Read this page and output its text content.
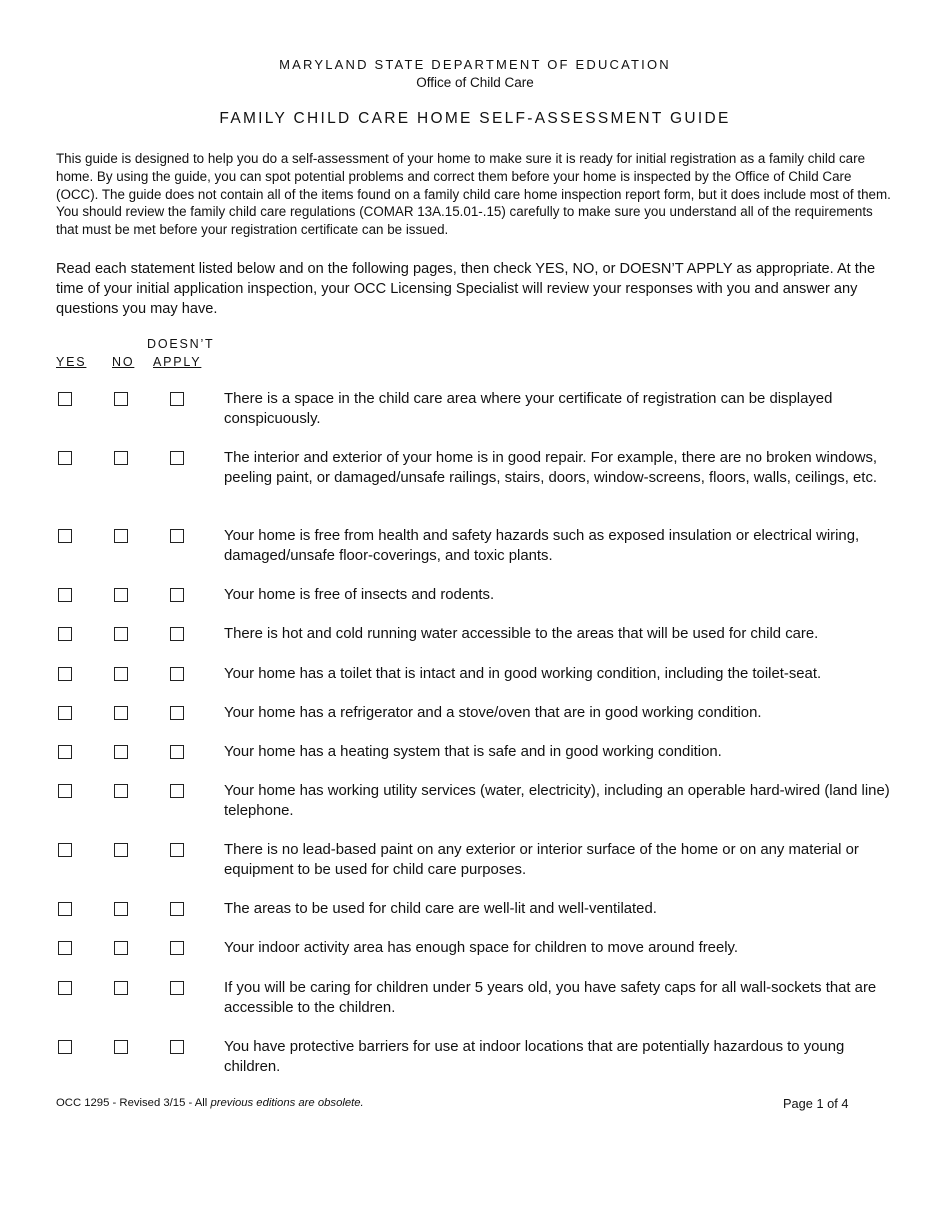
MARYLAND STATE DEPARTMENT OF EDUCATION
Office of Child Care
FAMILY CHILD CARE HOME SELF-ASSESSMENT GUIDE
This guide is designed to help you do a self-assessment of your home to make sure it is ready for initial registration as a family child care home. By using the guide, you can spot potential problems and correct them before your home is inspected by the Office of Child Care (OCC). The guide does not contain all of the items found on a family child care home inspection report form, but it does include most of them. You should review the family child care regulations (COMAR 13A.15.01-.15) carefully to make sure you understand all of the requirements that must be met before your registration certificate can be issued.
Read each statement listed below and on the following pages, then check YES, NO, or DOESN’T APPLY as appropriate. At the time of your initial application inspection, your OCC Licensing Specialist will review your responses with you and answer any questions you may have.
DOESN’T
YES NO APPLY
There is a space in the child care area where your certificate of registration can be displayed conspicuously.
The interior and exterior of your home is in good repair. For example, there are no broken windows, peeling paint, or damaged/unsafe railings, stairs, doors, window-screens, floors, walls, ceilings, etc.
Your home is free from health and safety hazards such as exposed insulation or electrical wiring, damaged/unsafe floor-coverings, and toxic plants.
Your home is free of insects and rodents.
There is hot and cold running water accessible to the areas that will be used for child care.
Your home has a toilet that is intact and in good working condition, including the toilet-seat.
Your home has a refrigerator and a stove/oven that are in good working condition.
Your home has a heating system that is safe and in good working condition.
Your home has working utility services (water, electricity), including an operable hard-wired (land line) telephone.
There is no lead-based paint on any exterior or interior surface of the home or on any material or equipment to be used for child care purposes.
The areas to be used for child care are well-lit and well-ventilated.
Your indoor activity area has enough space for children to move around freely.
If you will be caring for children under 5 years old, you have safety caps for all wall-sockets that are accessible to the children.
You have protective barriers for use at indoor locations that are potentially hazardous to young children.
OCC 1295 - Revised 3/15 - All previous editions are obsolete.	Page 1 of 4
